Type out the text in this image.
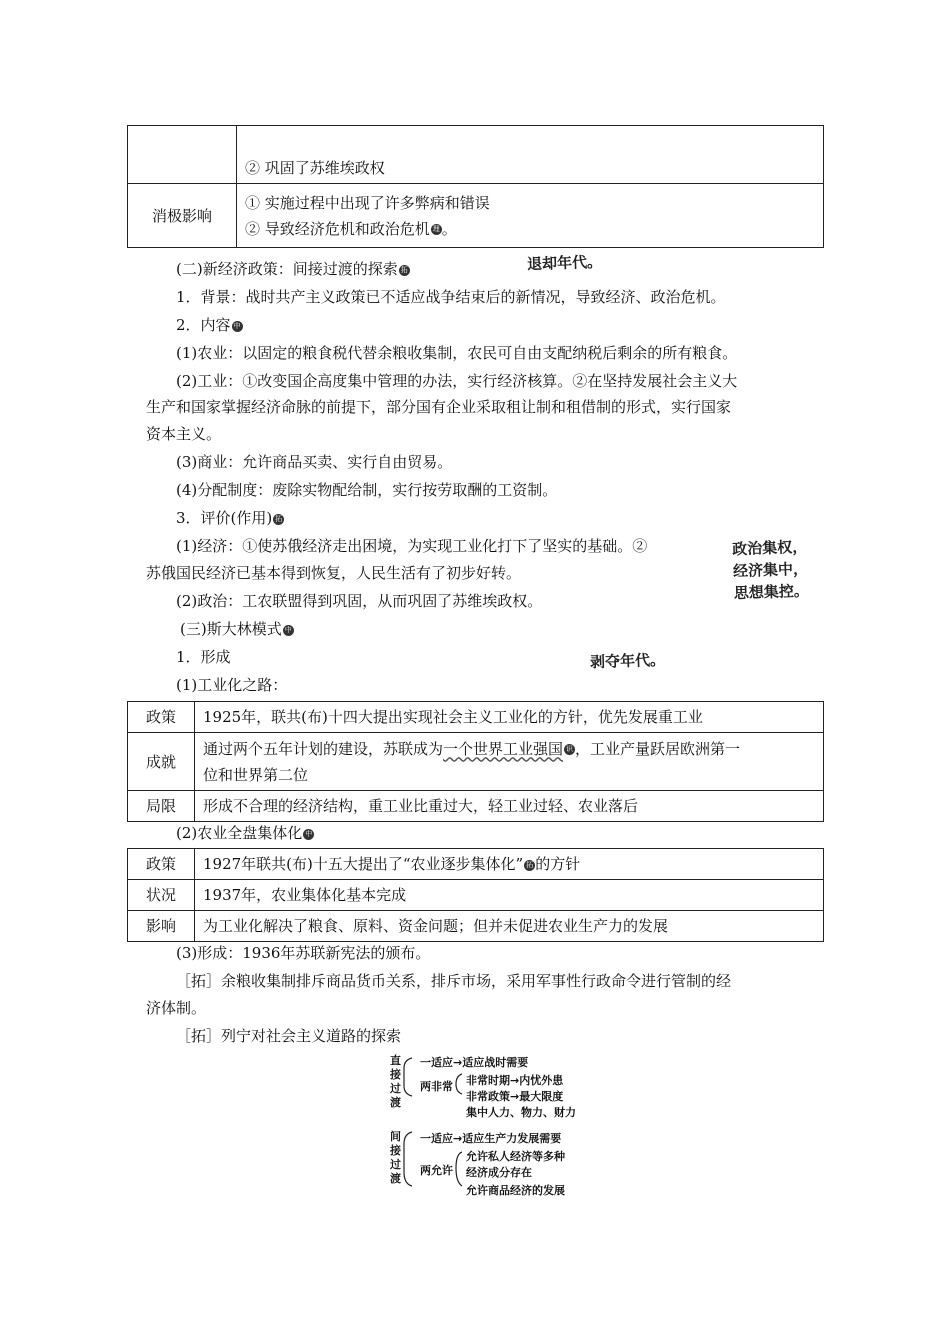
	② 巩固了苏维埃政权
消极影响	① 实施过程中出现了许多弊病和错误
② 导致经济危机和政治危机 理 。
退却年代。
政治集权，
经济集中，
思想集控。
剥夺年代。

(二)新经济政策：间接过渡的探索 拓

1．背景：战时共产主义政策已不适应战争结束后的新情况，导致经济、政治危机。

2．内容 中

(1)农业：以固定的粮食税代替余粮收集制，农民可自由支配纳税后剩余的所有粮食。

(2)工业：①改变国企高度集中管理的办法，实行经济核算。②在坚持发展社会主义大

生产和国家掌握经济命脉的前提下，部分国有企业采取租让制和租借制的形式，实行国家

资本主义。

(3)商业：允许商品买卖、实行自由贸易。

(4)分配制度：废除实物配给制，实行按劳取酬的工资制。

3．评价(作用) 拓

(1)经济：①使苏俄经济走出困境，为实现工业化打下了坚实的基础。②

苏俄国民经济已基本得到恢复，人民生活有了初步好转。

(2)政治：工农联盟得到巩固，从而巩固了苏维埃政权。

(三)斯大林模式 中

1．形成

(1)工业化之路：

政策	1925年，联共(布)十四大提出实现社会主义工业化的方针，优先发展重工业
成就	通过两个五年计划的建设，苏联成为一个世界工业强国 识 ，工业产量跃居欧洲第一
位和世界第二位

局限	形成不合理的经济结构，重工业比重过大，轻工业过轻、农业落后

(2)农业全盘集体化 中

政策	1927年联共(布)十五大提出了“农业逐步集体化” 拓 的方针
状况	1937年，农业集体化基本完成
影响	为工业化解决了粮食、原料、资金问题；但并未促进农业生产力的发展

(3)形成：1936年苏联新宪法的颁布。

［拓］余粮收集制排斥商品货币关系，排斥市场，采用军事性行政命令进行管制的经

济体制。

［拓］列宁对社会主义道路的探索

直
接
过
渡
一适应→适应战时需要
两非常 非常时期→内忧外患
非常政策→最大限度
集中人力、物力、财力
间
接
过
渡
一适应→适应生产力发展需要
两允许
允许私人经济等多种
经济成分存在
允许商品经济的发展
